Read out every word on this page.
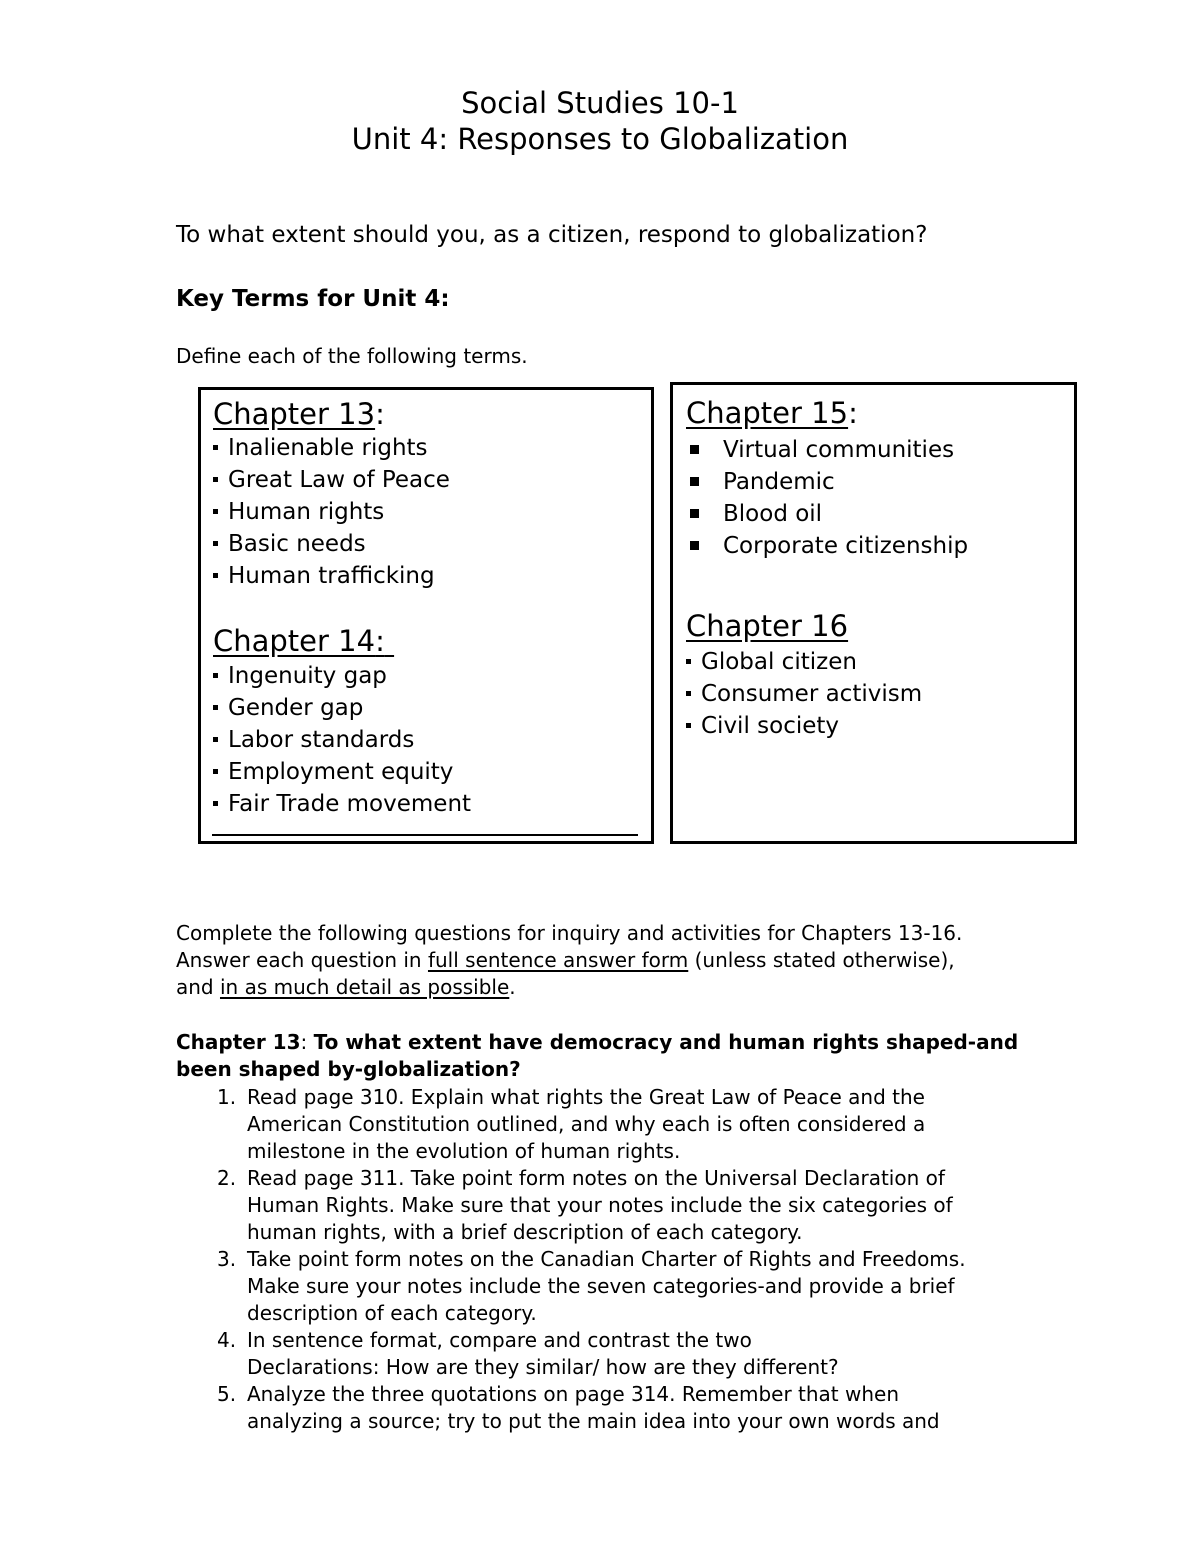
Social Studies 10-1
Unit 4: Responses to Globalization
To what extent should you, as a citizen, respond to globalization?
Key Terms for Unit 4:
Define each of the following terms.
Chapter 13:
Inalienable rights
Great Law of Peace
Human rights
Basic needs
Human trafficking
Chapter 14:
Ingenuity gap
Gender gap
Labor standards
Employment equity
Fair Trade movement
Chapter 15:
Virtual communities
Pandemic
Blood oil
Corporate citizenship
Chapter 16
Global citizen
Consumer activism
Civil society

Complete the following questions for inquiry and activities for Chapters 13-16.

Answer each question in full sentence answer form (unless stated otherwise),

and in as much detail as possible.

Chapter 13: To what extent have democracy and human rights shaped-and

been shaped by-globalization?

1. Read page 310. Explain what rights the Great Law of Peace and the
American Constitution outlined, and why each is often considered a
milestone in the evolution of human rights.
2. Read page 311. Take point form notes on the Universal Declaration of
Human Rights. Make sure that your notes include the six categories of
human rights, with a brief description of each category.
3. Take point form notes on the Canadian Charter of Rights and Freedoms.
Make sure your notes include the seven categories-and provide a brief
description of each category.
4. In sentence format, compare and contrast the two
Declarations: How are they similar/ how are they different?
5. Analyze the three quotations on page 314. Remember that when
analyzing a source; try to put the main idea into your own words and
